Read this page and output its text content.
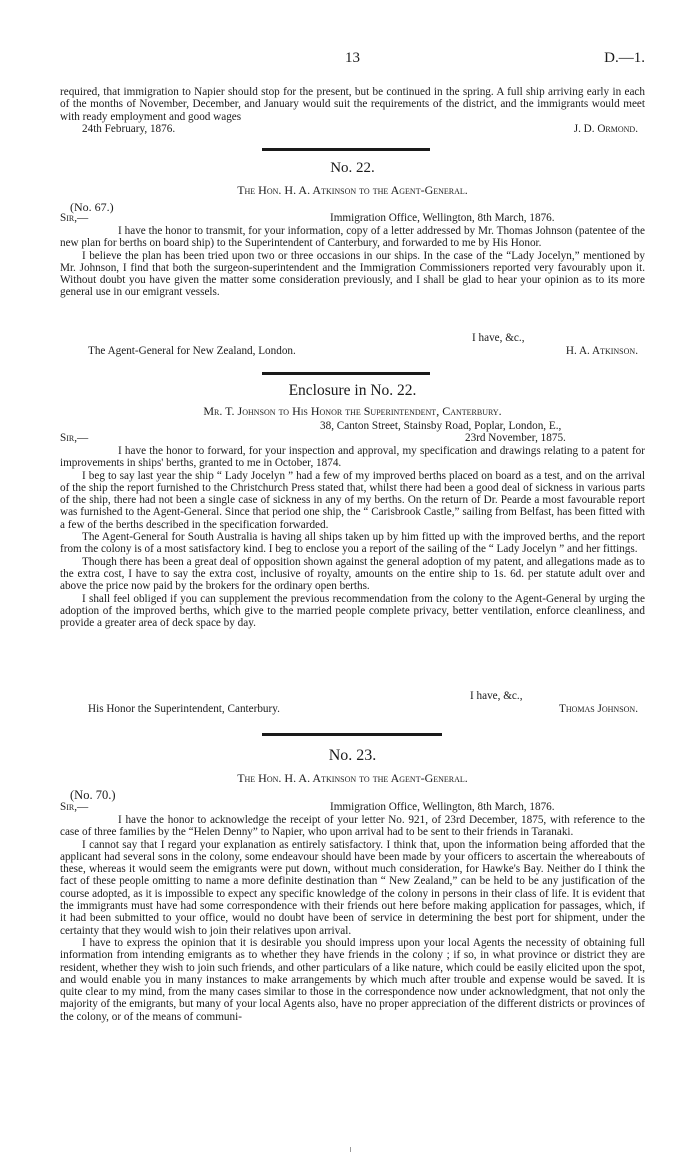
13	D.—1.

required, that immigration to Napier should stop for the present, but be continued in the spring. A full ship arriving early in each of the months of November, December, and January would suit the requirements of the district, and the immigrants would meet with ready employment and good wages

24th February, 1876.	J. D. Ormond.
No. 22.
The Hon. H. A. Atkinson to the Agent-General.
(No. 67.)
Sir,—	Immigration Office, Wellington, 8th March, 1876.

I have the honor to transmit, for your information, copy of a letter addressed by Mr. Thomas Johnson (patentee of the new plan for berths on board ship) to the Superintendent of Canterbury, and forwarded to me by His Honor.

I believe the plan has been tried upon two or three occasions in our ships. In the case of the “Lady Jocelyn,” mentioned by Mr. Johnson, I find that both the surgeon-superintendent and the Immigration Commissioners reported very favourably upon it. Without doubt you have given the matter some consideration previously, and I shall be glad to hear your opinion as to its more general use in our emigrant vessels.

I have, &c.,
The Agent-General for New Zealand, London.	H. A. Atkinson.
Enclosure in No. 22.
Mr. T. Johnson to His Honor the Superintendent, Canterbury.
38, Canton Street, Stainsby Road, Poplar, London, E.,
Sir,—	23rd November, 1875.

I have the honor to forward, for your inspection and approval, my specification and drawings relating to a patent for improvements in ships' berths, granted to me in October, 1874.

I beg to say last year the ship “ Lady Jocelyn ” had a few of my improved berths placed on board as a test, and on the arrival of the ship the report furnished to the Christchurch Press stated that, whilst there had been a good deal of sickness in various parts of the ship, there had not been a single case of sickness in any of my berths. On the return of Dr. Pearde a most favourable report was furnished to the Agent-General. Since that period one ship, the “ Carisbrook Castle,” sailing from Belfast, has been fitted with a few of the berths described in the specification forwarded.

The Agent-General for South Australia is having all ships taken up by him fitted up with the improved berths, and the report from the colony is of a most satisfactory kind. I beg to enclose you a report of the sailing of the “ Lady Jocelyn ” and her fittings.

Though there has been a great deal of opposition shown against the general adoption of my patent, and allegations made as to the extra cost, I have to say the extra cost, inclusive of royalty, amounts on the entire ship to 1s. 6d. per statute adult over and above the price now paid by the brokers for the ordinary open berths.

I shall feel obliged if you can supplement the previous recommendation from the colony to the Agent-General by urging the adoption of the improved berths, which give to the married people complete privacy, better ventilation, enforce cleanliness, and provide a greater area of deck space by day.

I have, &c.,
His Honor the Superintendent, Canterbury.	Thomas Johnson.
No. 23.
The Hon. H. A. Atkinson to the Agent-General.
(No. 70.)
Sir,—	Immigration Office, Wellington, 8th March, 1876.

I have the honor to acknowledge the receipt of your letter No. 921, of 23rd December, 1875, with reference to the case of three families by the “Helen Denny” to Napier, who upon arrival had to be sent to their friends in Taranaki.

I cannot say that I regard your explanation as entirely satisfactory. I think that, upon the information being afforded that the applicant had several sons in the colony, some endeavour should have been made by your officers to ascertain the whereabouts of these, whereas it would seem the emigrants were put down, without much consideration, for Hawke's Bay. Neither do I think the fact of these people omitting to name a more definite destination than “ New Zealand,” can be held to be any justification of the course adopted, as it is impossible to expect any specific knowledge of the colony in persons in their class of life. It is evident that the immigrants must have had some correspondence with their friends out here before making application for passages, which, if it had been submitted to your office, would no doubt have been of service in determining the best port for shipment, under the certainty that they would wish to join their relatives upon arrival.

I have to express the opinion that it is desirable you should impress upon your local Agents the necessity of obtaining full information from intending emigrants as to whether they have friends in the colony ; if so, in what province or district they are resident, whether they wish to join such friends, and other particulars of a like nature, which could be easily elicited upon the spot, and would enable you in many instances to make arrangements by which much after trouble and expense would be saved. It is quite clear to my mind, from the many cases similar to those in the correspondence now under acknowledgment, that not only the majority of the emigrants, but many of your local Agents also, have no proper appreciation of the different districts or provinces of the colony, or of the means of communi-
